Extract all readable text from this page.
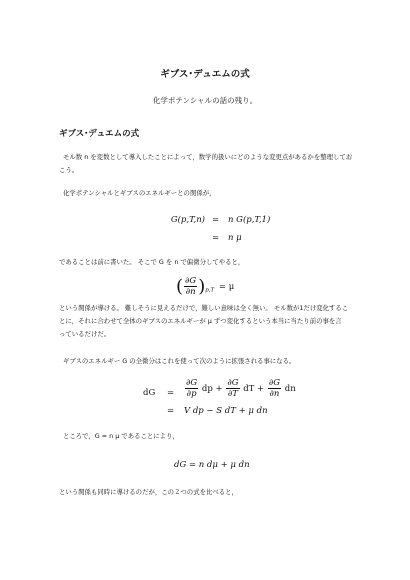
ギブス･デュエムの式
化学ポテンシャルの話の残り。
ギブス･デュエムの式
モル数 n を変数として導入したことによって，数学的扱いにどのような変更点があるかを整理してお
こう。
化学ポテンシャルとギブスのエネルギーとの関係が，
G(p,T,n) = n G(p,T,1)
= n μ
であることは前に書いた。 そこで G を n で偏微分してやると，
( $\frac{\partial G}{\partial n} )_{p,T} = \mu$
という関係が導ける。 難しそうに見えるだけで，難しい意味は全く無い。 モル数が1だけ変化するこ
とに，それに合わせて全体のギブスのエネルギーが μ ずつ変化するという本当に当たり前の事を言
っているだけだ。
ギブスのエネルギー G の全微分はこれを使って次のように拡張される事になる。
dG = $\frac{\partial G}{\partial p}$ dp + $\frac{\partial G}{\partial T}$ dT + $\frac{\partial G}{\partial n}$ dn
= V dp − S dT + μ dn
ところで，G = n μ であることにより，
dG = n dμ + μ dn
という関係も同時に導けるのだが，この２つの式を比べると，
